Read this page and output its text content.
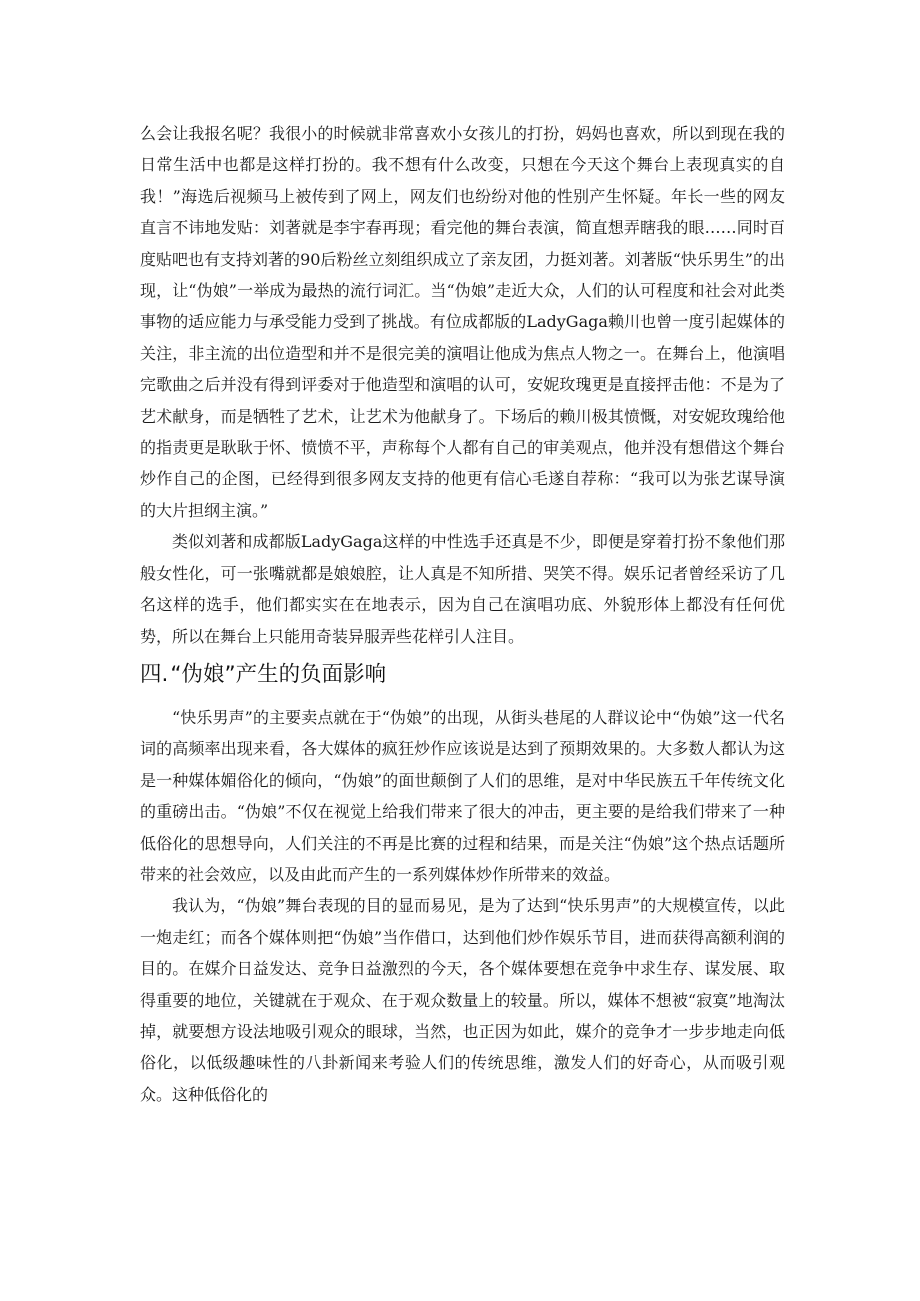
么会让我报名呢？我很小的时候就非常喜欢小女孩儿的打扮，妈妈也喜欢，所以到现在我的日常生活中也都是这样打扮的。我不想有什么改变，只想在今天这个舞台上表现真实的自我！”海选后视频马上被传到了网上，网友们也纷纷对他的性别产生怀疑。年长一些的网友直言不讳地发贴：刘著就是李宇春再现；看完他的舞台表演，简直想弄瞎我的眼……同时百度贴吧也有支持刘著的90后粉丝立刻组织成立了亲友团，力挺刘著。刘著版“快乐男生”的出现，让“伪娘”一举成为最热的流行词汇。当“伪娘”走近大众，人们的认可程度和社会对此类事物的适应能力与承受能力受到了挑战。有位成都版的LadyGaga赖川也曾一度引起媒体的关注，非主流的出位造型和并不是很完美的演唱让他成为焦点人物之一。在舞台上，他演唱完歌曲之后并没有得到评委对于他造型和演唱的认可，安妮玫瑰更是直接抨击他：不是为了艺术献身，而是牺牲了艺术，让艺术为他献身了。下场后的赖川极其愤慨，对安妮玫瑰给他的指责更是耿耿于怀、愤愤不平，声称每个人都有自己的审美观点，他并没有想借这个舞台炒作自己的企图，已经得到很多网友支持的他更有信心毛遂自荐称：“我可以为张艺谋导演的大片担纲主演。”

类似刘著和成都版LadyGaga这样的中性选手还真是不少，即便是穿着打扮不象他们那般女性化，可一张嘴就都是娘娘腔，让人真是不知所措、哭笑不得。娱乐记者曾经采访了几名这样的选手，他们都实实在在地表示，因为自己在演唱功底、外貌形体上都没有任何优势，所以在舞台上只能用奇装异服弄些花样引人注目。

四.“伪娘”产生的负面影响

“快乐男声”的主要卖点就在于“伪娘”的出现，从街头巷尾的人群议论中“伪娘”这一代名词的高频率出现来看，各大媒体的疯狂炒作应该说是达到了预期效果的。大多数人都认为这是一种媒体媚俗化的倾向，“伪娘”的面世颠倒了人们的思维，是对中华民族五千年传统文化的重磅出击。“伪娘”不仅在视觉上给我们带来了很大的冲击，更主要的是给我们带来了一种低俗化的思想导向，人们关注的不再是比赛的过程和结果，而是关注“伪娘”这个热点话题所带来的社会效应，以及由此而产生的一系列媒体炒作所带来的效益。

我认为，“伪娘”舞台表现的目的显而易见，是为了达到“快乐男声”的大规模宣传，以此一炮走红；而各个媒体则把“伪娘”当作借口，达到他们炒作娱乐节目，进而获得高额利润的目的。在媒介日益发达、竞争日益激烈的今天，各个媒体要想在竞争中求生存、谋发展、取得重要的地位，关键就在于观众、在于观众数量上的较量。所以，媒体不想被“寂寞”地淘汰掉，就要想方设法地吸引观众的眼球，当然，也正因为如此，媒介的竞争才一步步地走向低俗化，以低级趣味性的八卦新闻来考验人们的传统思维，激发人们的好奇心，从而吸引观众。这种低俗化的
